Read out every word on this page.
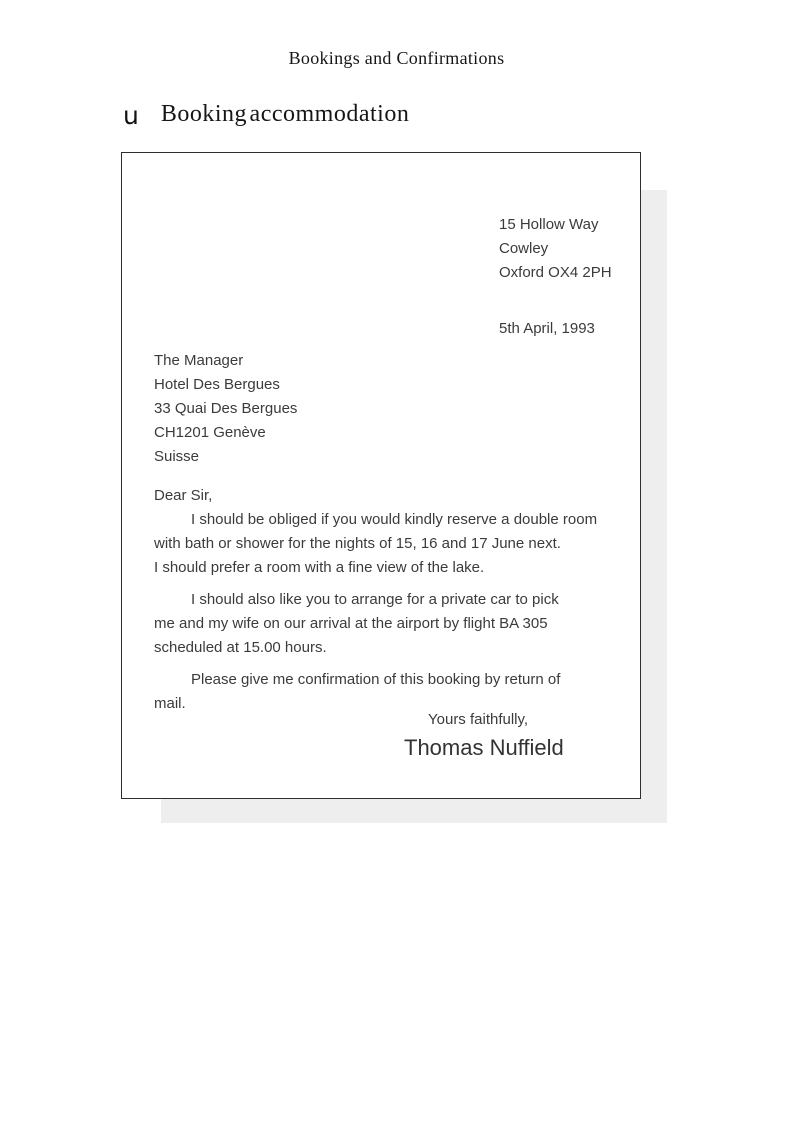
Bookings and Confirmations
u Booking accommodation
15 Hollow Way
Cowley
Oxford OX4 2PH
5th April, 1993
The Manager
Hotel Des Bergues
33 Quai Des Bergues
CH1201 Genève
Suisse
Dear Sir,
I should be obliged if you would kindly reserve a double room
with bath or shower for the nights of 15, 16 and 17 June next.
I should prefer a room with a fine view of the lake.
I should also like you to arrange for a private car to pick
me and my wife on our arrival at the airport by flight BA 305
scheduled at 15.00 hours.
Please give me confirmation of this booking by return of
mail.
Yours faithfully,
Thomas Nuffield
